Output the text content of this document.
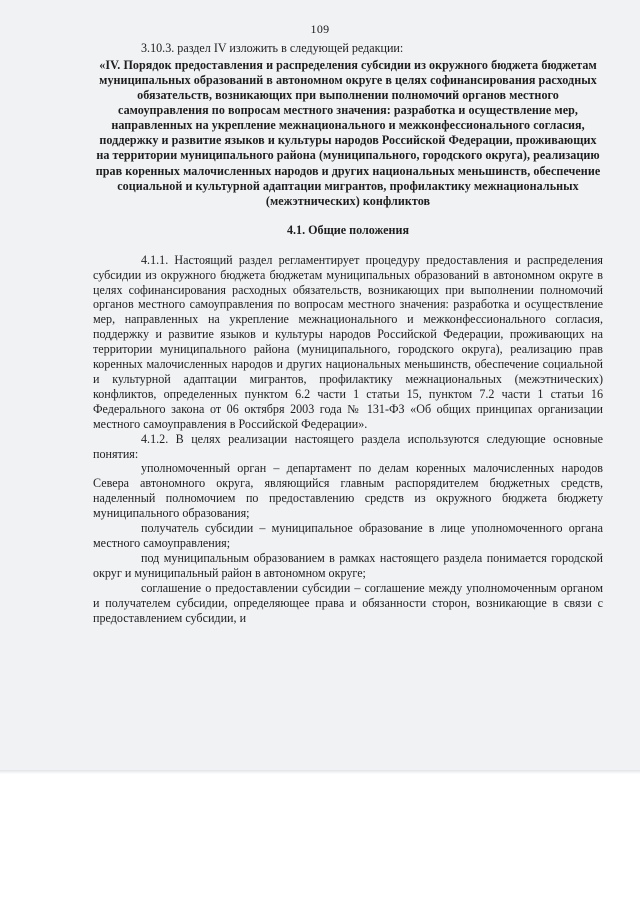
109

3.10.3. раздел IV изложить в следующей редакции:

«IV. Порядок предоставления и распределения субсидии из окружного бюджета бюджетам муниципальных образований в автономном округе в целях софинансирования расходных обязательств, возникающих при выполнении полномочий органов местного самоуправления по вопросам местного значения: разработка и осуществление мер, направленных на укрепление межнационального и межконфессионального согласия, поддержку и развитие языков и культуры народов Российской Федерации, проживающих на территории муниципального района (муниципального, городского округа), реализацию прав коренных малочисленных народов и других национальных меньшинств, обеспечение социальной и культурной адаптации мигрантов, профилактику межнациональных (межэтнических) конфликтов

4.1. Общие положения

4.1.1. Настоящий раздел регламентирует процедуру предоставления и распределения субсидии из окружного бюджета бюджетам муниципальных образований в автономном округе в целях софинансирования расходных обязательств, возникающих при выполнении полномочий органов местного самоуправления по вопросам местного значения: разработка и осуществление мер, направленных на укрепление межнационального и межконфессионального согласия, поддержку и развитие языков и культуры народов Российской Федерации, проживающих на территории муниципального района (муниципального, городского округа), реализацию прав коренных малочисленных народов и других национальных меньшинств, обеспечение социальной и культурной адаптации мигрантов, профилактику межнациональных (межэтнических) конфликтов, определенных пунктом 6.2 части 1 статьи 15, пунктом 7.2 части 1 статьи 16 Федерального закона от 06 октября 2003 года № 131-ФЗ «Об общих принципах организации местного самоуправления в Российской Федерации».

4.1.2. В целях реализации настоящего раздела используются следующие основные понятия:

уполномоченный орган – департамент по делам коренных малочисленных народов Севера автономного округа, являющийся главным распорядителем бюджетных средств, наделенный полномочием по предоставлению средств из окружного бюджета бюджету муниципального образования;

получатель субсидии – муниципальное образование в лице уполномоченного органа местного самоуправления;

под муниципальным образованием в рамках настоящего раздела понимается городской округ и муниципальный район в автономном округе;

соглашение о предоставлении субсидии – соглашение между уполномоченным органом и получателем субсидии, определяющее права и обязанности сторон, возникающие в связи с предоставлением субсидии, и
